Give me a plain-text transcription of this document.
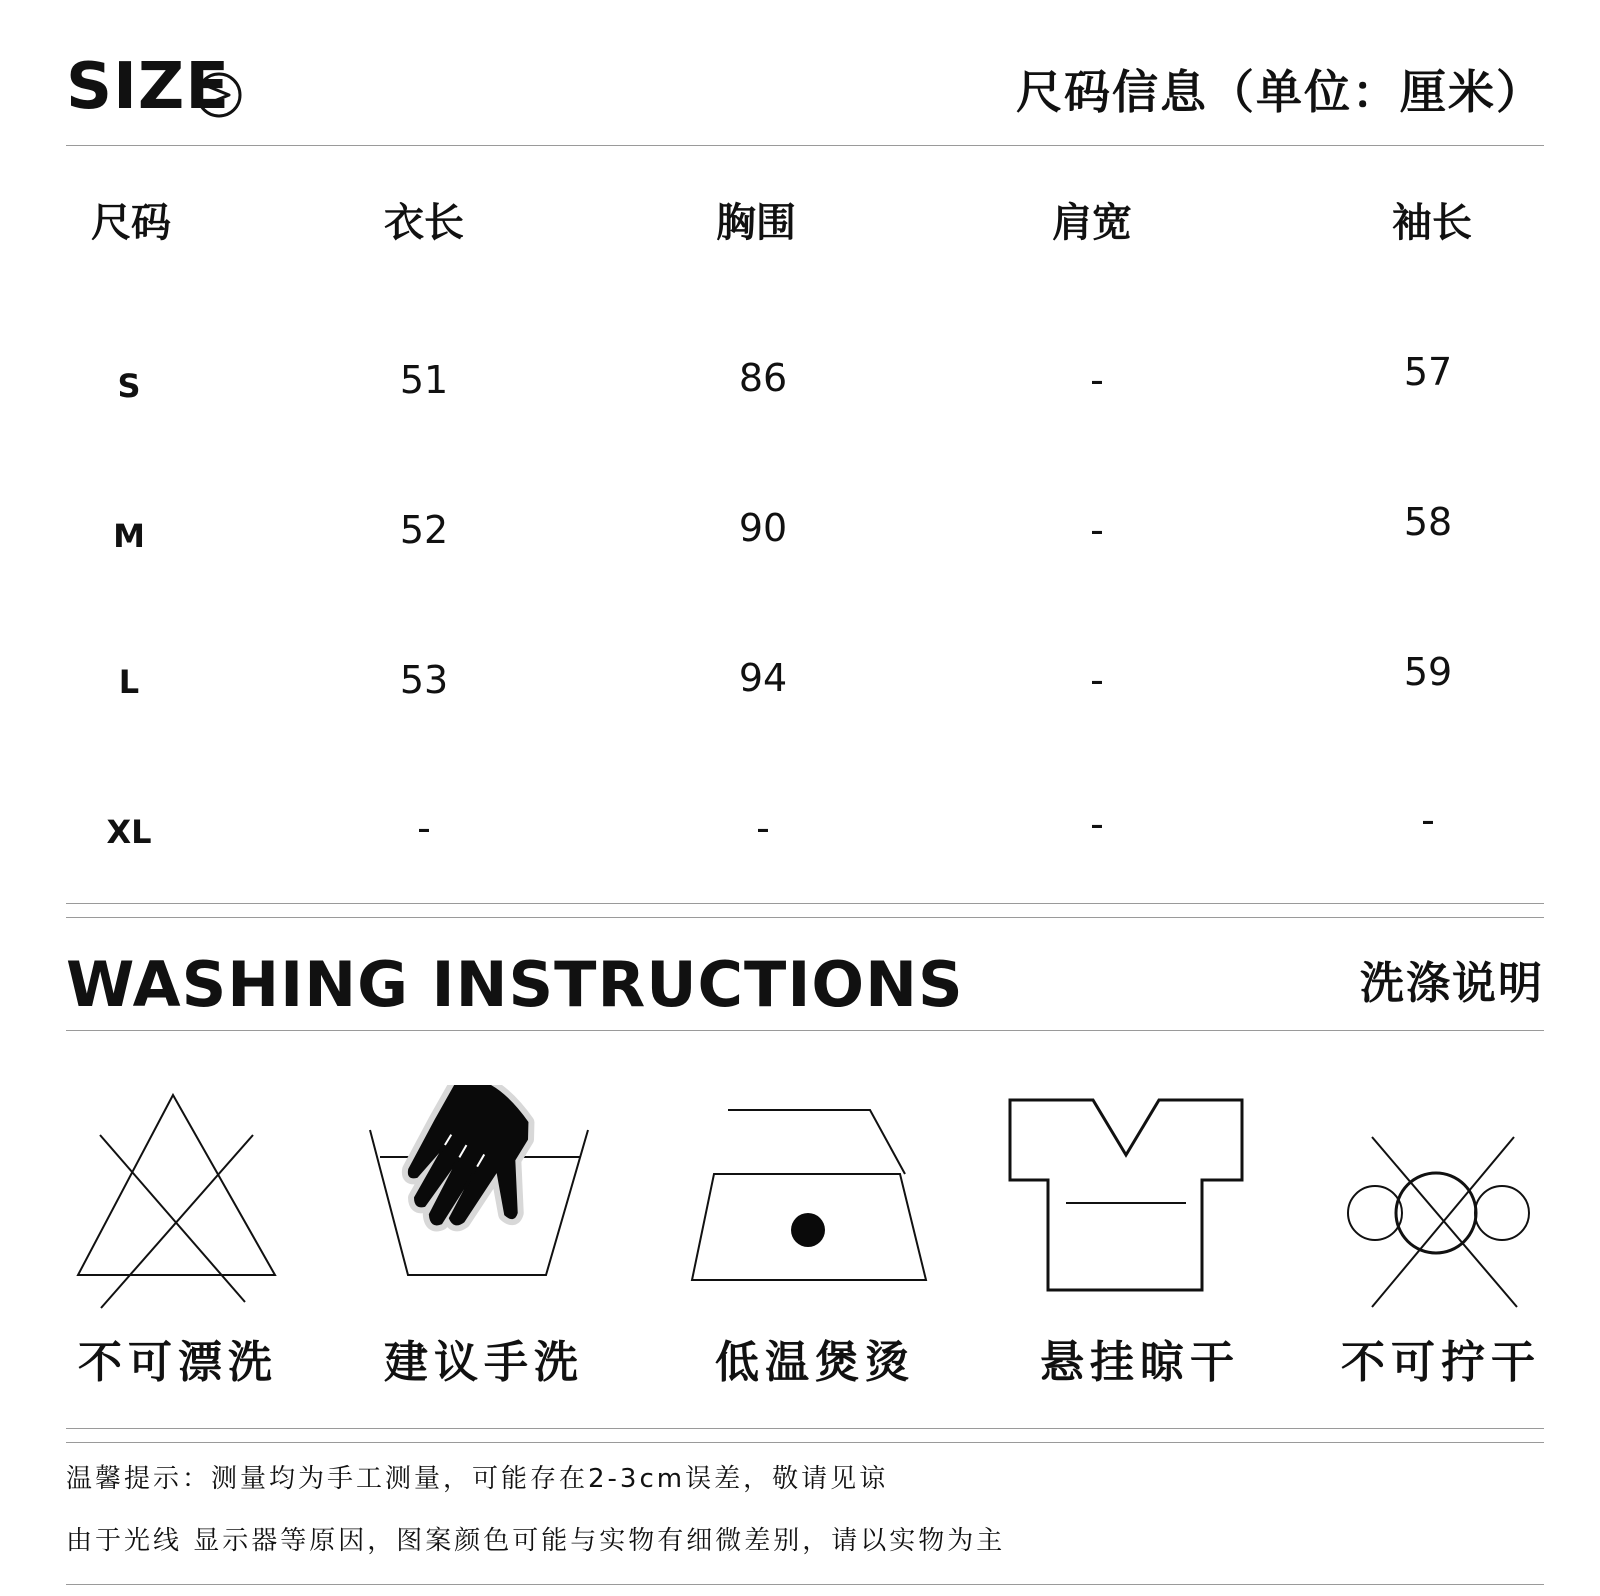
SIZE	尺码信息（单位：厘米）
尺码	衣长	胸围	肩宽	袖长
S	51	86	-	57
M	52	90	-	58
L	53	94	-	59
XL	-	-	-	-
WASHING INSTRUCTIONS	洗涤说明
不可漂洗 建议手洗	低温煲烫	悬挂晾干 不可拧干
温馨提示：测量均为手工测量，可能存在2-3cm误差，敬请见谅
由于光线 显示器等原因，图案颜色可能与实物有细微差别，请以实物为主
